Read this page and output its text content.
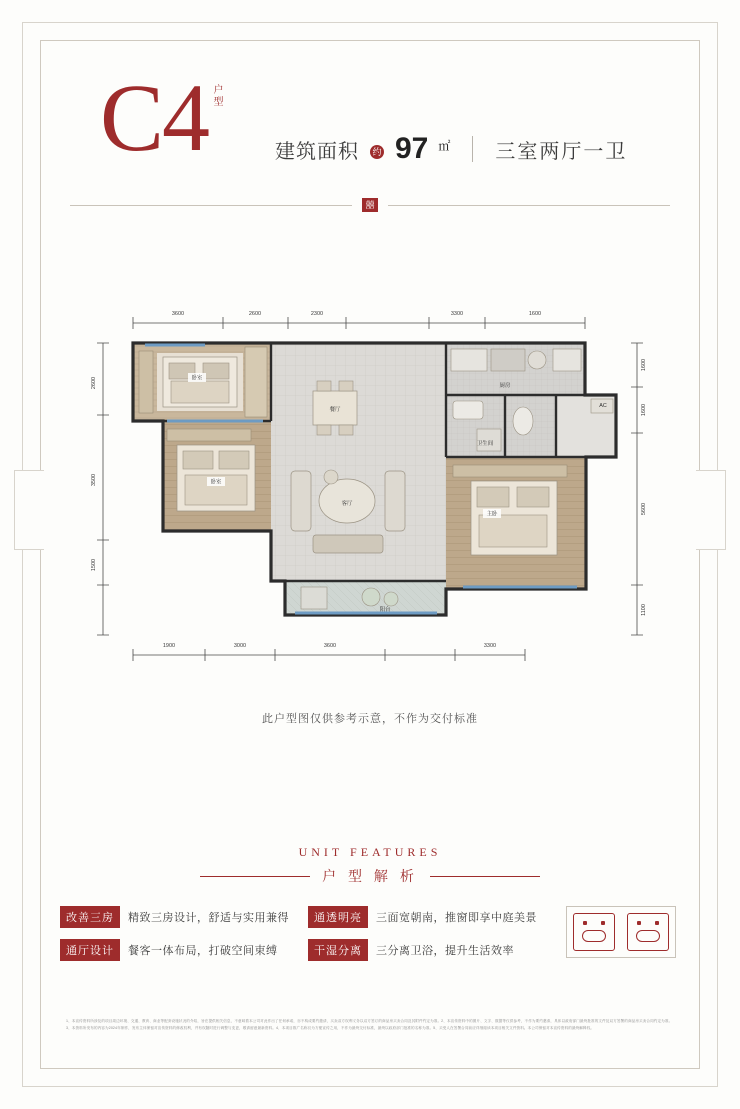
C4 户型
建筑面积 约 97 ㎡ 三室两厅一卫
囍
3600	2600	2300	3300	1600
1900	3000	3600	3300
2600
3500
1500
1600
1600
5600
1100
卧室
厨房
卫生间
卧室
主卧
客厅
餐厅
阳台
AC
此户型图仅供参考示意，不作为交付标准
UNIT FEATURES
户 型 解 析
改善三房	精致三房设计，舒适与实用兼得
通厅设计	餐客一体布局，打破空间束缚
通透明亮	三面宽朝南，推窗即享中庭美景
干湿分离	三分离卫浴，提升生活效率
1、本宣传资料所涉及的项目周边环境、交通、教育、商业等配套设施状况的介绍，旨在提供相关信息，不意味着本公司对此作出了任何承诺，亦不构成要约邀请，买卖双方权利义务以双方签订的商品房买卖合同及其附件约定为准。2、本宣传资料中的图片、文字、数据等仅供参考，不作为要约邀请，具体以政府部门最终批准的文件及双方签署的商品房买卖合同约定为准。
3、本资料所发布的内容为2024年制作，发布主体保留对宣传资料的修改权利，并有权随时进行调整与变更，敬请留意最新资料。4、本项目推广名称仅为方便宣传之用，不作为最终交付标准，最终以政府部门批准的名称为准。5、买受人在签署合同前应详细阅读本项目相关文件资料。本公司保留对本宣传资料的最终解释权。
